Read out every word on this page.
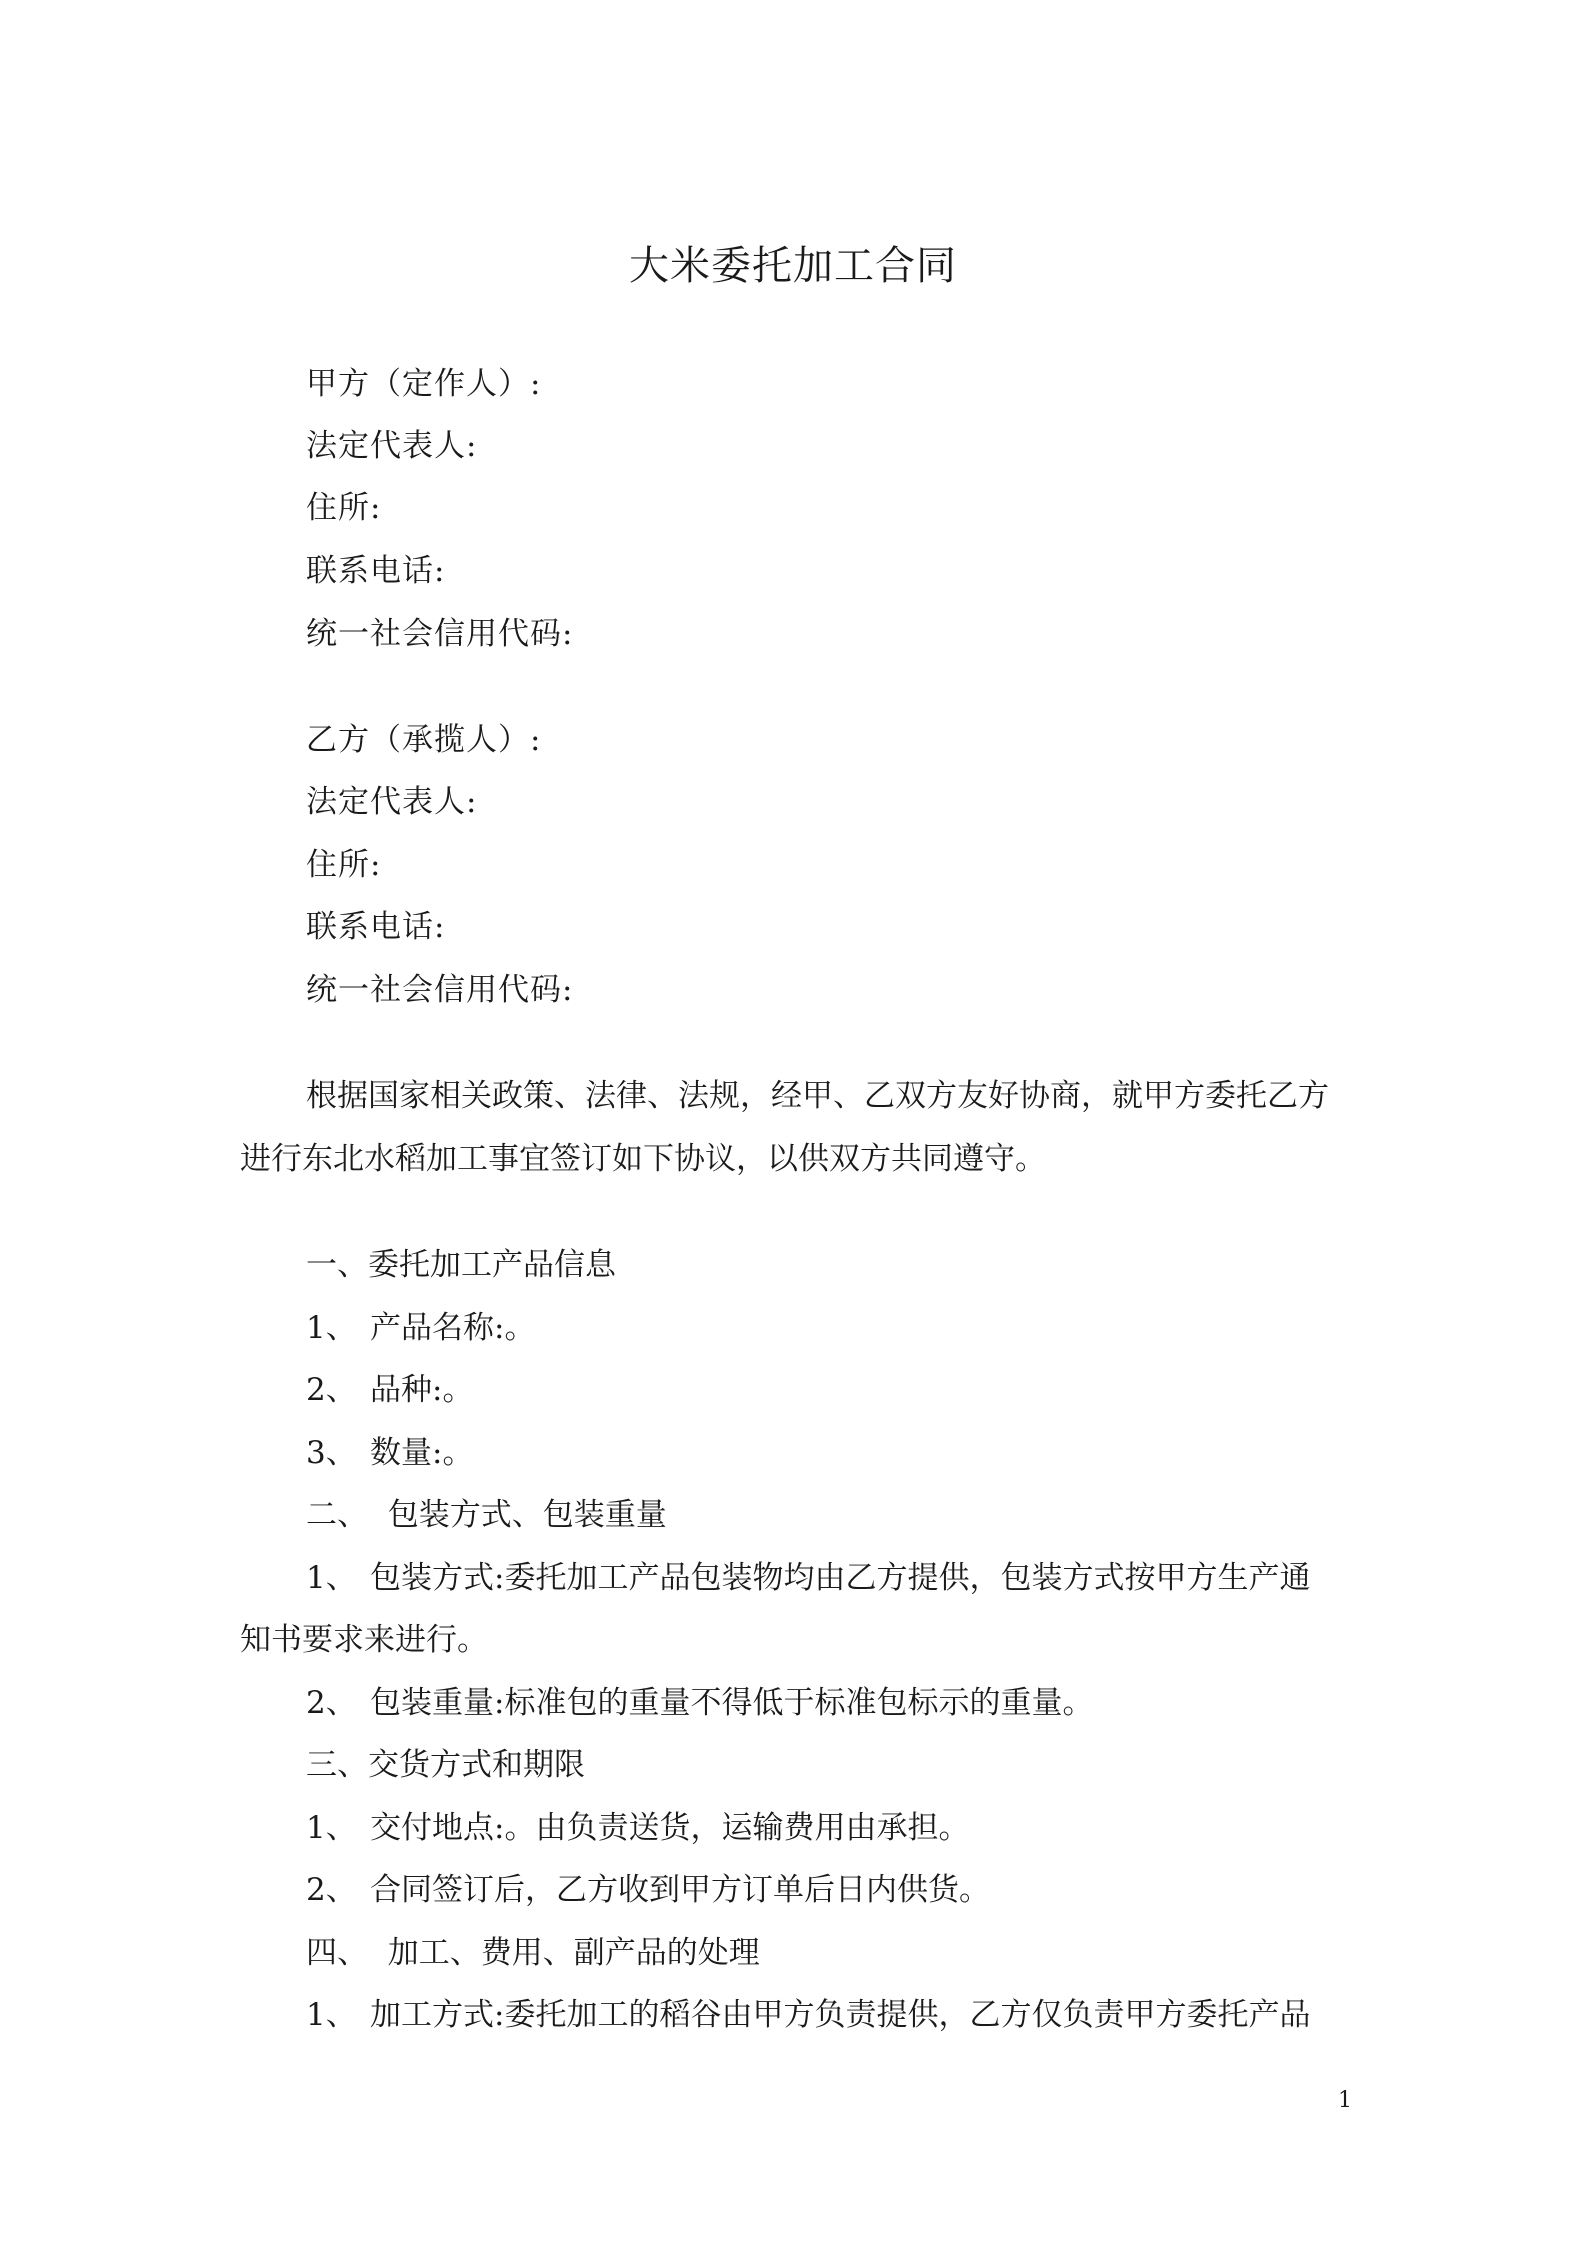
大米委托加工合同
甲方（定作人）:
法定代表人:
住所:
联系电话:
统一社会信用代码:
乙方（承揽人）:
法定代表人:
住所:
联系电话:
统一社会信用代码:
根据国家相关政策、法律、法规，经甲、乙双方友好协商，就甲方委托乙方
进行东北水稻加工事宜签订如下协议，以供双方共同遵守。
一、委托加工产品信息
1、 产品名称:。
2、 品种:。
3、 数量:。
二、  包装方式、包装重量
1、 包装方式:委托加工产品包装物均由乙方提供，包装方式按甲方生产通
知书要求来进行。
2、 包装重量:标准包的重量不得低于标准包标示的重量。
三、交货方式和期限
1、 交付地点:。由负责送货，运输费用由承担。
2、 合同签订后，乙方收到甲方订单后日内供货。
四、  加工、费用、副产品的处理
1、 加工方式:委托加工的稻谷由甲方负责提供，乙方仅负责甲方委托产品
1
